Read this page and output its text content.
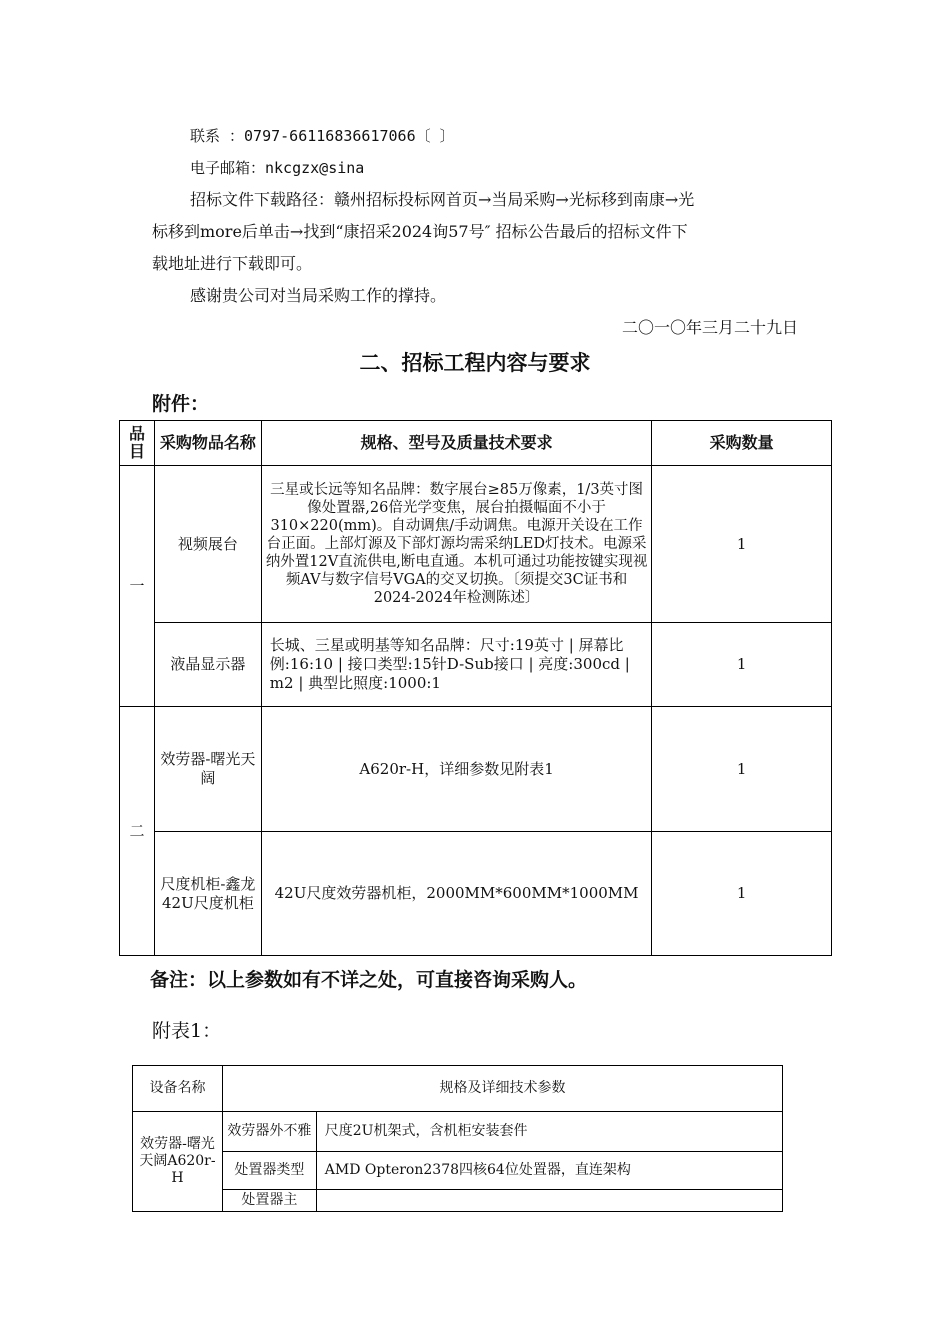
联系 ：0797-66116836617066〔 〕
电子邮箱：nkcgzx@sina
招标文件下载路径：赣州招标投标网首页→当局采购→光标移到南康→光
标移到more后单击→找到“康招采2024询57号″ 招标公告最后的招标文件下
载地址进行下载即可。
感谢贵公司对当局采购工作的撑持。
二〇一〇年三月二十九日
二、招标工程内容与要求
附件：
品目	采购物品名称	规格、型号及质量技术要求	采购数量
一	视频展台	三星或长远等知名品牌：数字展台≥85万像素，1/3英寸图像处置器,26倍光学变焦，展台拍摄幅面不小于310×220(mm)。自动调焦/手动调焦。电源开关设在工作台正面。上部灯源及下部灯源均需采纳LED灯技术。电源采纳外置12V直流供电,断电直通。本机可通过功能按键实现视频AV与数字信号VGA的交叉切换。〔须提交3C证书和2024-2024年检测陈述〕	1
	液晶显示器	长城、三星或明基等知名品牌：尺寸:19英寸 | 屏幕比例:16:10 | 接口类型:15针D-Sub接口 | 亮度:300cd | m2 | 典型比照度:1000:1	1
二	效劳器-曙光天阔	A620r-H，详细参数见附表1	1
	尺度机柜-鑫龙42U尺度机柜	42U尺度效劳器机柜，2000MM*600MM*1000MM	1
备注：以上参数如有不详之处，可直接咨询采购人。
附表1：
设备名称	规格及详细技术参数	
效劳器-曙光天阔A620r-H	效劳器外不雅	尺度2U机架式，含机柜安装套件
	处置器类型	AMD Opteron2378四核64位处置器，直连架构
	处置器主	
